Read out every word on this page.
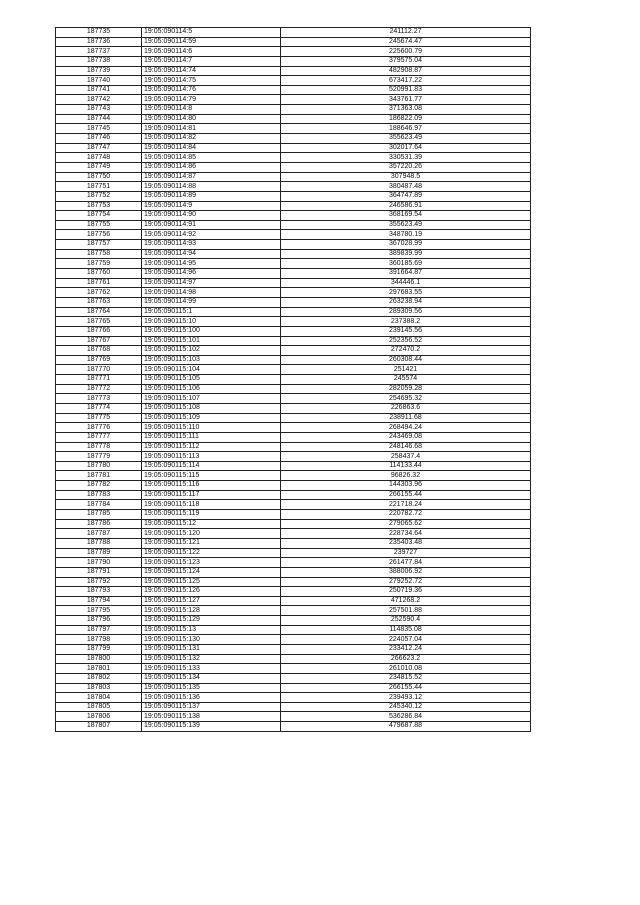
187735	19:05:090114:5	241112.27
187736	19:05:090114:59	245674.47
187737	19:05:090114:6	225600.79
187738	19:05:090114:7	379575.04
187739	19:05:090114:74	482908.87
187740	19:05:090114:75	673417.22
187741	19:05:090114:76	520991.83
187742	19:05:090114:79	343761.77
187743	19:05:090114:8	371363.08
187744	19:05:090114:80	186822.09
187745	19:05:090114:81	188646.97
187746	19:05:090114:82	355623.49
187747	19:05:090114:84	302017.64
187748	19:05:090114:85	330531.39
187749	19:05:090114:86	357220.26
187750	19:05:090114:87	307948.5
187751	19:05:090114:88	380487.48
187752	19:05:090114:89	364747.89
187753	19:05:090114:9	246586.91
187754	19:05:090114:90	368169.54
187755	19:05:090114:91	355623.49
187756	19:05:090114:92	348780.19
187757	19:05:090114:93	367028.99
187758	19:05:090114:94	389839.99
187759	19:05:090114:95	360185.69
187760	19:05:090114:96	391664.87
187761	19:05:090114:97	344446.1
187762	19:05:090114:98	297683.55
187763	19:05:090114:99	263238.94
187764	19:05:090115:1	289309.56
187765	19:05:090115:10	237388.2
187766	19:05:090115:100	239145.56
187767	19:05:090115:101	252356.52
187768	19:05:090115:102	272470.2
187769	19:05:090115:103	260308.44
187770	19:05:090115:104	251421
187771	19:05:090115:105	245574
187772	19:05:090115:106	282059.28
187773	19:05:090115:107	254695.32
187774	19:05:090115:108	226863.6
187775	19:05:090115:109	238911.68
187776	19:05:090115:110	268494.24
187777	19:05:090115:111	243469.08
187778	19:05:090115:112	248146.68
187779	19:05:090115:113	258437.4
187780	19:05:090115:114	114133.44
187781	19:05:090115:115	96826.32
187782	19:05:090115:116	144303.96
187783	19:05:090115:117	266155.44
187784	19:05:090115:118	221718.24
187785	19:05:090115:119	220782.72
187786	19:05:090115:12	279065.62
187787	19:05:090115:120	228734.64
187788	19:05:090115:121	235403.48
187789	19:05:090115:122	239727
187790	19:05:090115:123	261477.84
187791	19:05:090115:124	388006.92
187792	19:05:090115:125	279252.72
187793	19:05:090115:126	250719.36
187794	19:05:090115:127	471268.2
187795	19:05:090115:128	257501.88
187796	19:05:090115:129	252590.4
187797	19:05:090115:13	114835.08
187798	19:05:090115:130	224057.04
187799	19:05:090115:131	233412.24
187800	19:05:090115:132	266623.2
187801	19:05:090115:133	261010.08
187802	19:05:090115:134	234815.52
187803	19:05:090115:135	266155.44
187804	19:05:090115:136	239493.12
187805	19:05:090115:137	245340.12
187806	19:05:090115:138	536286.84
187807	19:05:090115:139	479687.88
